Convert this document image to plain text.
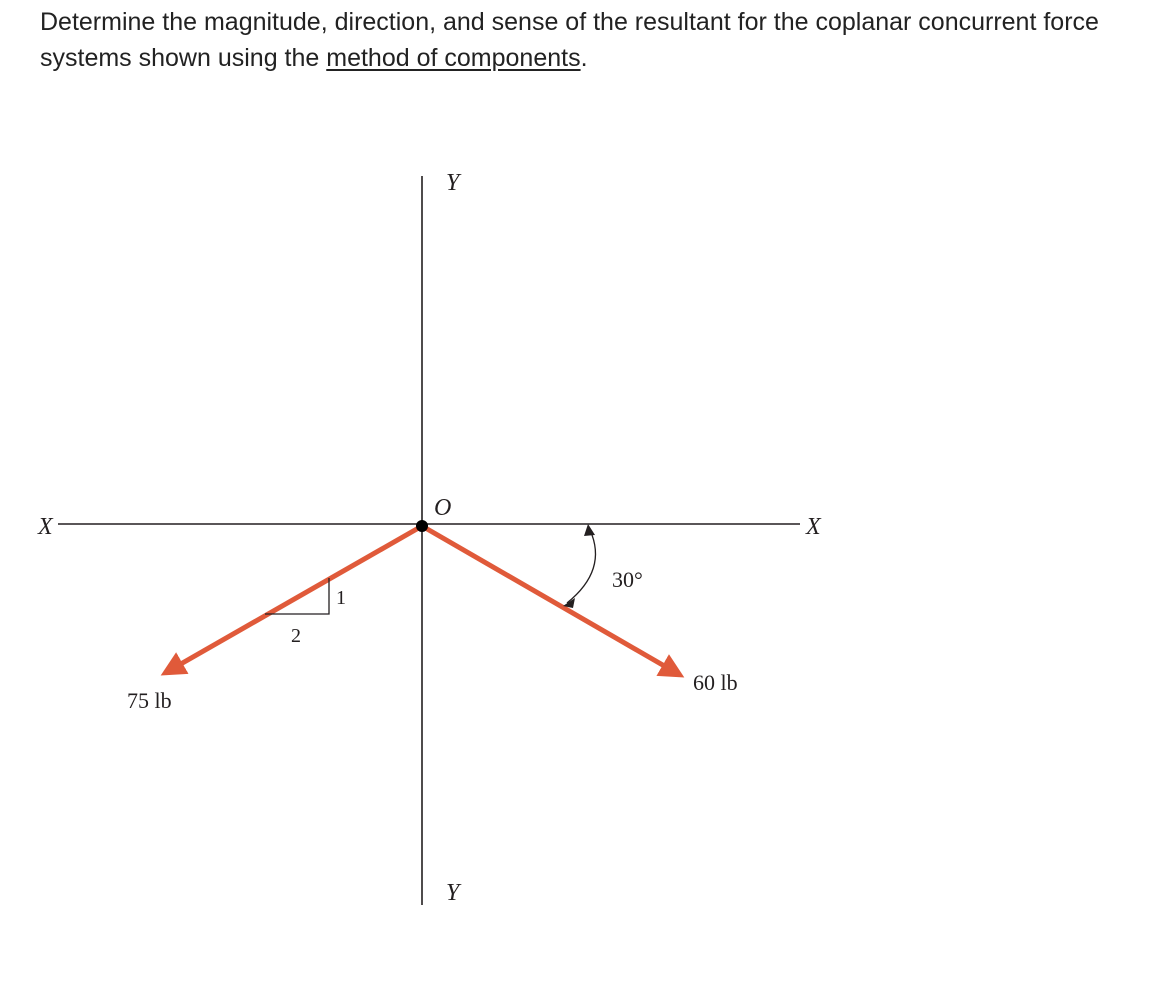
Determine the magnitude, direction, and sense of the resultant for the coplanar concurrent force systems shown using the method of components.

X	X
Y
Y
O
1
2
75 lb
60 lb
30°
